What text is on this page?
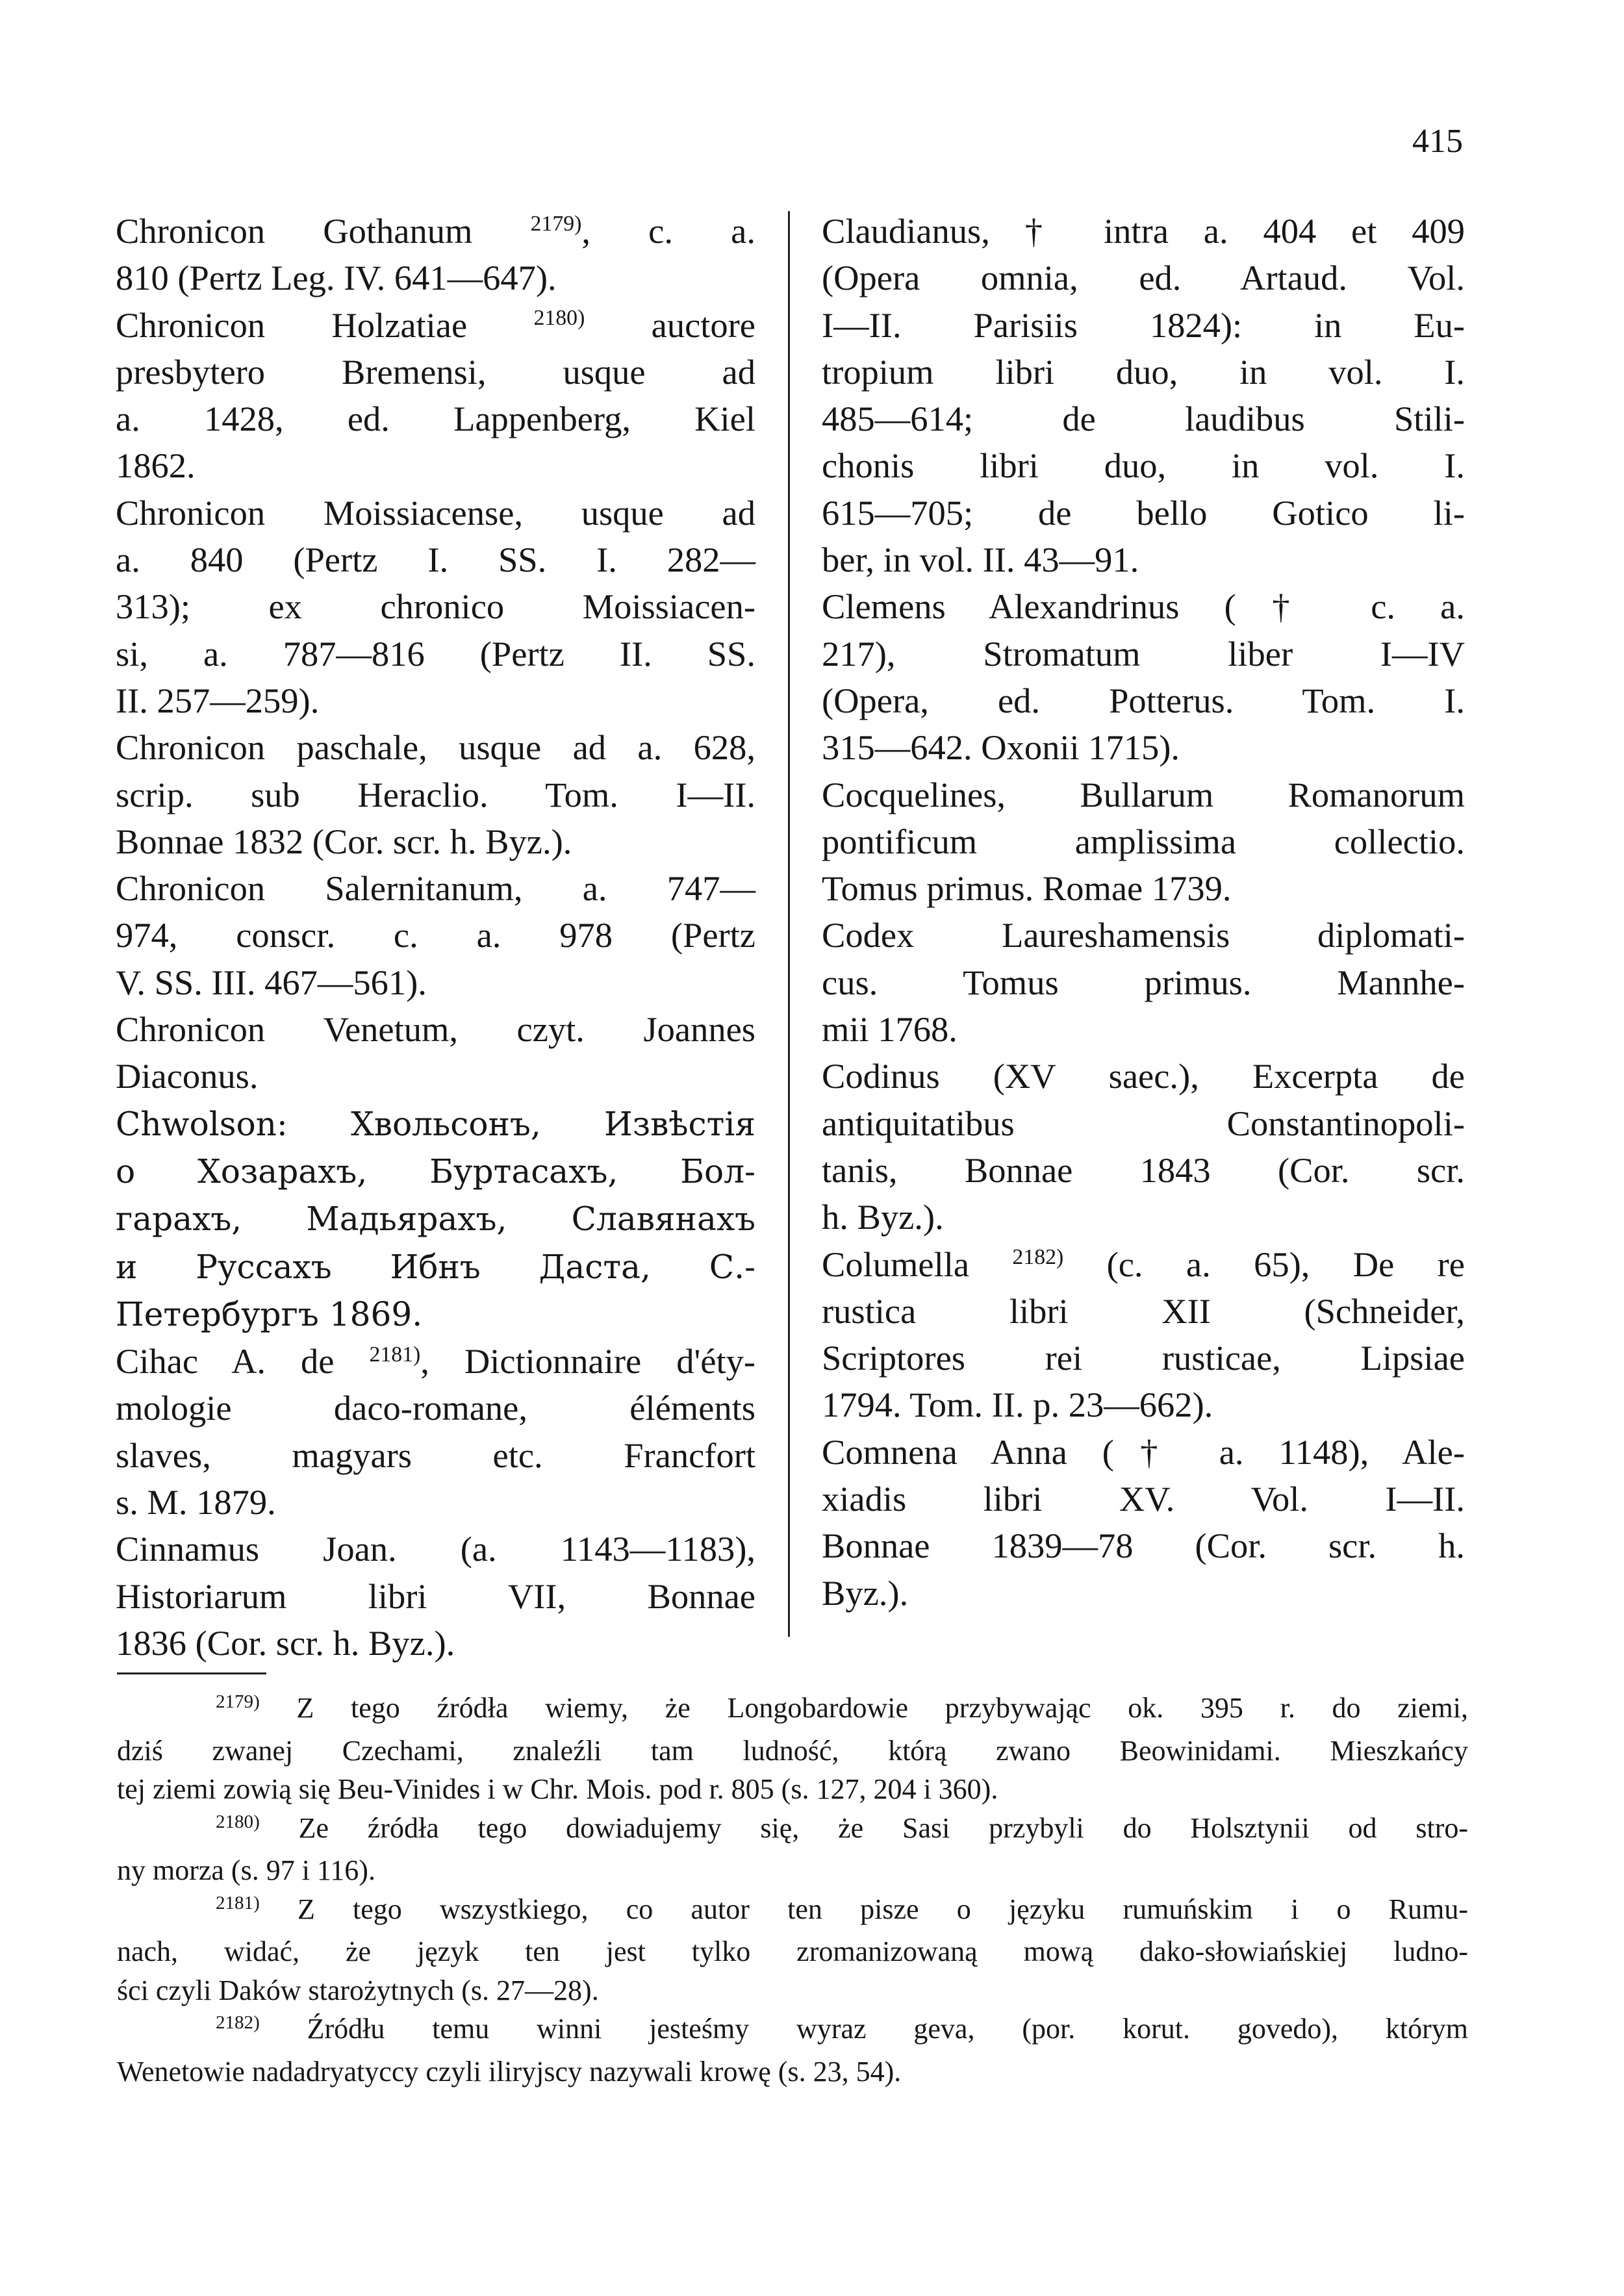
415

Chronicon Gothanum $^{2179)}$, c. a.
810 (Pertz Leg. IV. 641—647).

Chronicon Holzatiae $^{2180)}$ auctore
presbytero Bremensi, usque ad
a. 1428, ed. Lappenberg, Kiel
1862.

Chronicon Moissiacense, usque ad
a. 840 (Pertz I. SS. I. 282—
313); ex chronico Moissiacen-
si, a. 787—816 (Pertz II. SS.
II. 257—259).

Chronicon paschale, usque ad a. 628,
scrip. sub Heraclio. Tom. I—II.
Bonnae 1832 (Cor. scr. h. Byz.).

Chronicon Salernitanum, a. 747—
974, conscr. c. a. 978 (Pertz
V. SS. III. 467—561).

Chronicon Venetum, czyt. Joannes
Diaconus.

Chwolson: Хвольсонъ, Извѣстія
о Хозарахъ, Буртасахъ, Бол-
гарахъ, Мадьярахъ, Славянахъ
и Руссахъ Ибнъ Даста, С.-
Петербургъ 1869.

Cihac A. de $^{2181)}$, Dictionnaire d'éty-
mologie daco-romane, éléments
slaves, magyars etc. Francfort
s. M. 1879.

Cinnamus Joan. (a. 1143—1183),
Historiarum libri VII, Bonnae
1836 (Cor. scr. h. Byz.).

Claudianus, † intra a. 404 et 409
(Opera omnia, ed. Artaud. Vol.
I—II. Parisiis 1824): in Eu-
tropium libri duo, in vol. I.
485—614; de laudibus Stili-
chonis libri duo, in vol. I.
615—705; de bello Gotico li-
ber, in vol. II. 43—91.

Clemens Alexandrinus († c. a.
217), Stromatum liber I—IV
(Opera, ed. Potterus. Tom. I.
315—642. Oxonii 1715).

Cocquelines, Bullarum Romanorum
pontificum amplissima collectio.
Tomus primus. Romae 1739.

Codex Laureshamensis diplomati-
cus. Tomus primus. Mannhe-
mii 1768.

Codinus (XV saec.), Excerpta de
antiquitatibus Constantinopoli-
tanis, Bonnae 1843 (Cor. scr.
h. Byz.).

Columella $^{2182)}$ (c. a. 65), De re
rustica libri XII (Schneider,
Scriptores rei rusticae, Lipsiae
1794. Tom. II. p. 23—662).

Comnena Anna († a. 1148), Ale-
xiadis libri XV. Vol. I—II.
Bonnae 1839—78 (Cor. scr. h.
Byz.).

$^{2179)}$ Z tego źródła wiemy, że Longobardowie przybywając ok. 395 r. do ziemi,
dziś zwanej Czechami, znaleźli tam ludność, którą zwano Beowinidami. Mieszkańcy
tej ziemi zowią się Beu-Vinides i w Chr. Mois. pod r. 805 (s. 127, 204 i 360).
$^{2180)}$ Ze źródła tego dowiadujemy się, że Sasi przybyli do Holsztynii od stro-
ny morza (s. 97 i 116).
$^{2181)}$ Z tego wszystkiego, co autor ten pisze o języku rumuńskim i o Rumu-
nach, widać, że język ten jest tylko zromanizowaną mową dako-słowiańskiej ludno-
ści czyli Daków starożytnych (s. 27—28).
$^{2182)}$ Źródłu temu winni jesteśmy wyraz geva, (por. korut. govedo), którym
Wenetowie nadadryatyccy czyli iliryjscy nazywali krowę (s. 23, 54).
